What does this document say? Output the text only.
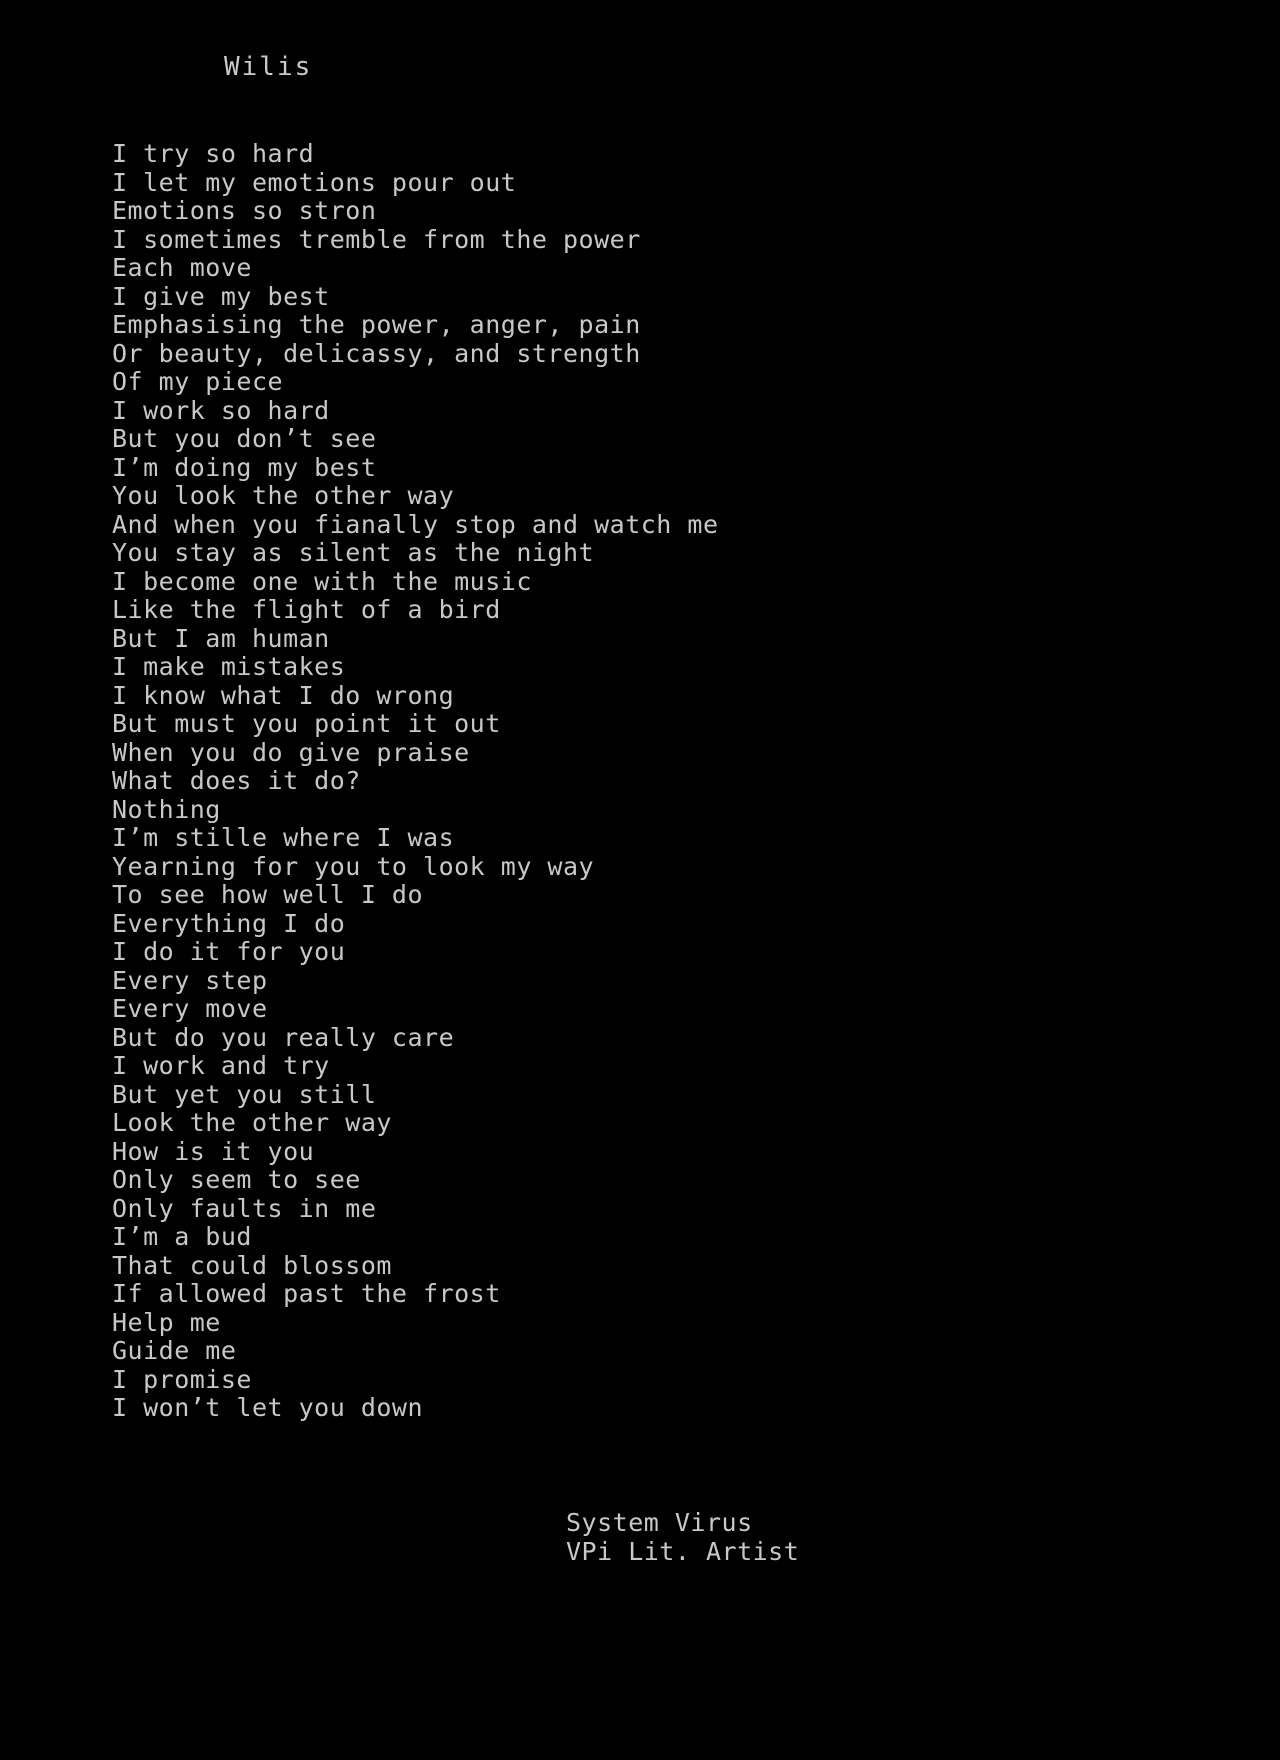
Wilis
I try so hard
I let my emotions pour out
Emotions so stron
I sometimes tremble from the power
Each move
I give my best
Emphasising the power, anger, pain
Or beauty, delicassy, and strength
Of my piece
I work so hard
But you don’t see
I’m doing my best
You look the other way
And when you fianally stop and watch me
You stay as silent as the night
I become one with the music
Like the flight of a bird
But I am human
I make mistakes
I know what I do wrong
But must you point it out
When you do give praise
What does it do?
Nothing
I’m stille where I was
Yearning for you to look my way
To see how well I do
Everything I do
I do it for you
Every step
Every move
But do you really care
I work and try
But yet you still
Look the other way
How is it you
Only seem to see
Only faults in me
I’m a bud
That could blossom
If allowed past the frost
Help me
Guide me
I promise
I won’t let you down
System Virus
VPi Lit. Artist
